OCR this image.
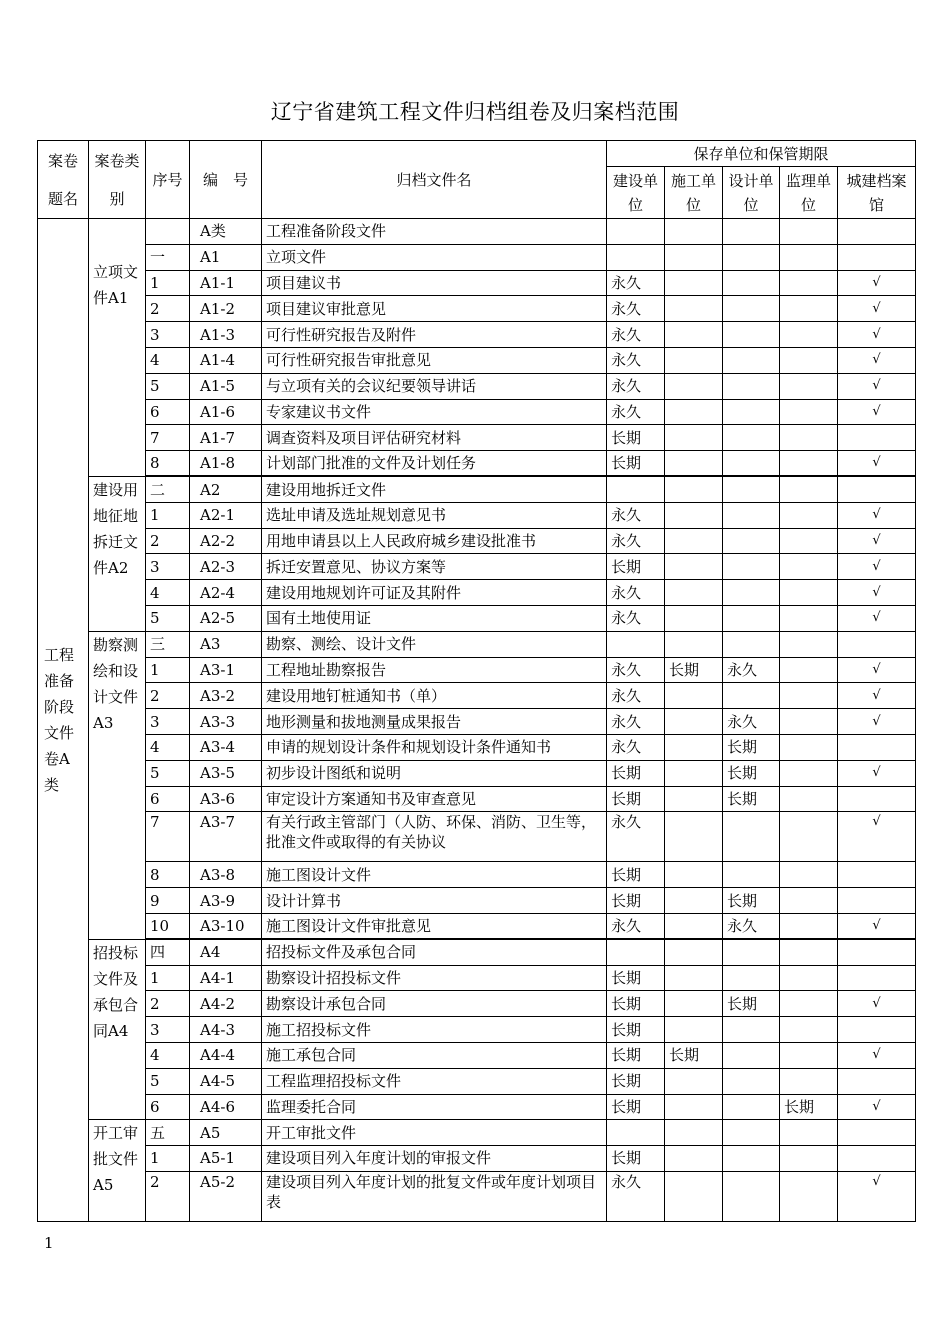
辽宁省建筑工程文件归档组卷及归案档范围
案卷题名	案卷类别	序号	编　号	归档文件名	保存单位和保管期限				
					建设单位	施工单位	设计单位	监理单位	城建档案 馆
工程准备阶段文件卷A类	立项文件A1		A类	工程准备阶段文件					
		一	A1	立项文件					
		1	A1-1	项目建议书	永久				√
		2	A1-2	项目建议审批意见	永久				√
		3	A1-3	可行性研究报告及附件	永久				√
		4	A1-4	可行性研究报告审批意见	永久				√
		5	A1-5	与立项有关的会议纪要领导讲话	永久				√
		6	A1-6	专家建议书文件	永久				√
		7	A1-7	调查资料及项目评估研究材料	长期				
		8	A1-8	计划部门批准的文件及计划任务	长期				√
	建设用地征地拆迁文件A2	二	A2	建设用地拆迁文件					
		1	A2-1	选址申请及选址规划意见书	永久				√
		2	A2-2	用地申请县以上人民政府城乡建设批准书	永久				√
		3	A2-3	拆迁安置意见、协议方案等	长期				√
		4	A2-4	建设用地规划许可证及其附件	永久				√
		5	A2-5	国有土地使用证	永久				√
	勘察测绘和设计文件A3	三	A3	勘察、测绘、设计文件					
		1	A3-1	工程地址勘察报告	永久	长期	永久		√
		2	A3-2	建设用地钉桩通知书（单）	永久				√
		3	A3-3	地形测量和拔地测量成果报告	永久		永久		√
		4	A3-4	申请的规划设计条件和规划设计条件通知书	永久		长期		
		5	A3-5	初步设计图纸和说明	长期		长期		√
		6	A3-6	审定设计方案通知书及审查意见	长期		长期		
		7	A3-7	有关行政主管部门（人防、环保、消防、卫生等，批准文件或取得的有关协议	永久				√
		8	A3-8	施工图设计文件	长期				
		9	A3-9	设计计算书	长期		长期		
		10	A3-10	施工图设计文件审批意见	永久		永久		√
	招投标文件及承包合同A4	四	A4	招投标文件及承包合同					
		1	A4-1	勘察设计招投标文件	长期				
		2	A4-2	勘察设计承包合同	长期		长期		√
		3	A4-3	施工招投标文件	长期				
		4	A4-4	施工承包合同	长期	长期			√
		5	A4-5	工程监理招投标文件	长期				
		6	A4-6	监理委托合同	长期			长期	√
	开工审批文件A5	五	A5	开工审批文件					
		1	A5-1	建设项目列入年度计划的审报文件	长期				
		2	A5-2	建设项目列入年度计划的批复文件或年度计划项目表	永久				√
1
